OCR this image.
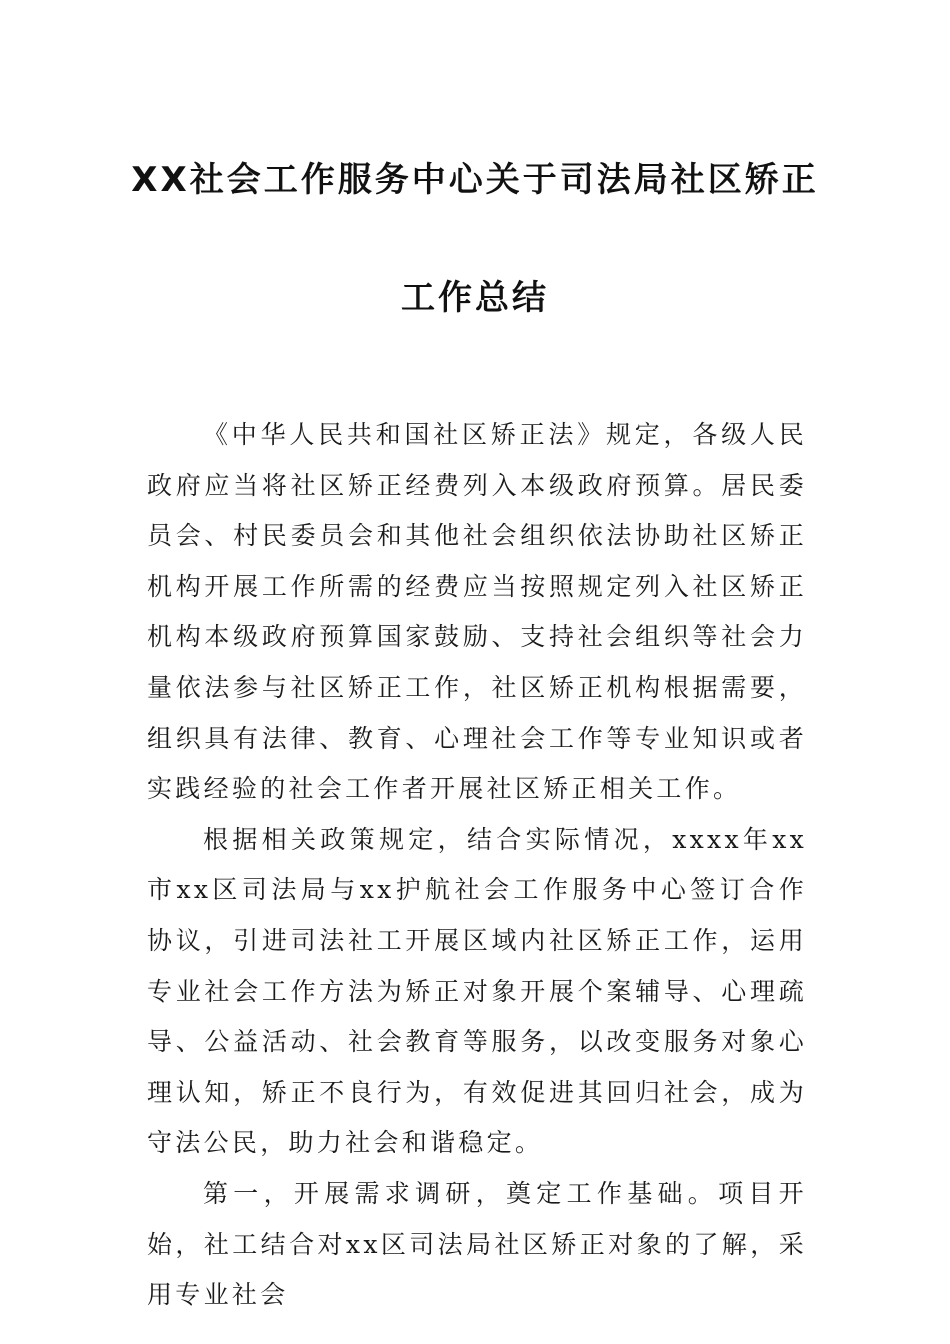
XX社会工作服务中心关于司法局社区矫正
工作总结

《中华人民共和国社区矫正法》规定，各级人民政府应当将社区矫正经费列入本级政府预算。居民委员会、村民委员会和其他社会组织依法协助社区矫正机构开展工作所需的经费应当按照规定列入社区矫正机构本级政府预算国家鼓励、支持社会组织等社会力量依法参与社区矫正工作，社区矫正机构根据需要，组织具有法律、教育、心理社会工作等专业知识或者实践经验的社会工作者开展社区矫正相关工作。

根据相关政策规定，结合实际情况，xxxx年xx市xx区司法局与xx护航社会工作服务中心签订合作协议，引进司法社工开展区域内社区矫正工作，运用专业社会工作方法为矫正对象开展个案辅导、心理疏导、公益活动、社会教育等服务，以改变服务对象心理认知，矫正不良行为，有效促进其回归社会，成为守法公民，助力社会和谐稳定。

第一，开展需求调研，奠定工作基础。项目开始，社工结合对xx区司法局社区矫正对象的了解，采用专业社会
